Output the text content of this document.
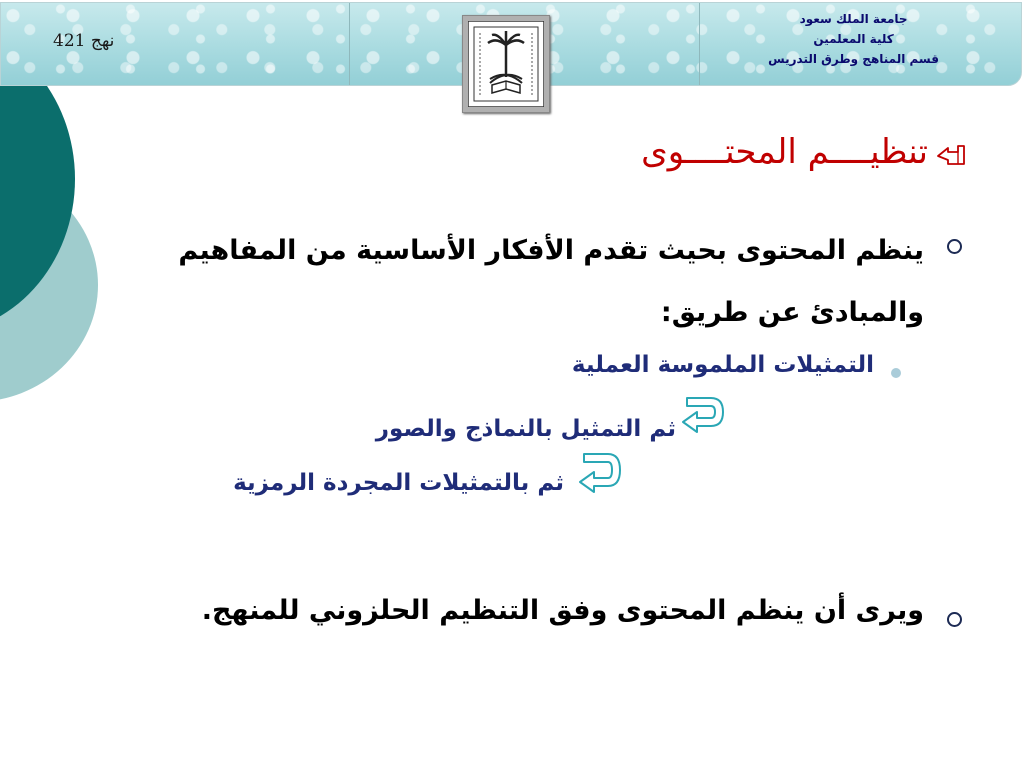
نهج 421
جامعة الملك سعود
كلية المعلمين
قسم المناهج وطرق التدريس
تنظيــــم المحتــــوى
ينظم المحتوى بحيث تقدم الأفكار الأساسية من المفاهيم والمبادئ عن طريق:
التمثيلات الملموسة العملية
ثم التمثيل بالنماذج والصور
ثم بالتمثيلات المجردة الرمزية
ويرى أن ينظم المحتوى وفق التنظيم الحلزوني للمنهج.
